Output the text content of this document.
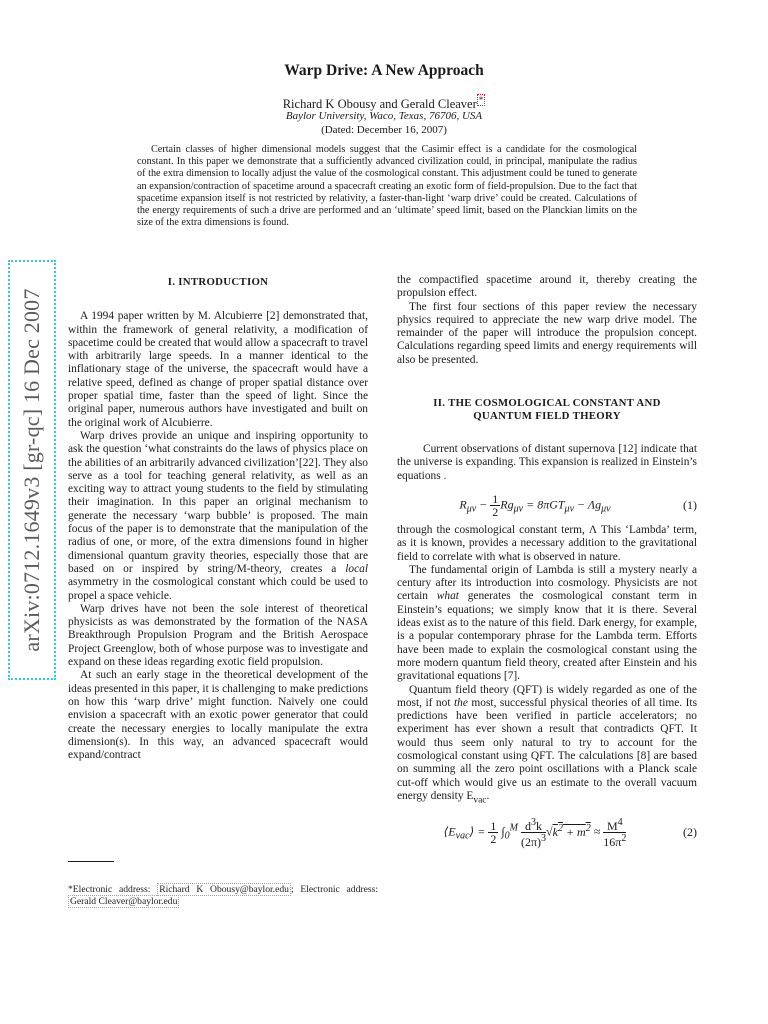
arXiv:0712.1649v3 [gr-qc] 16 Dec 2007
Warp Drive: A New Approach
Richard K Obousy and Gerald Cleaver *
Baylor University, Waco, Texas, 76706, USA
(Dated: December 16, 2007)
Certain classes of higher dimensional models suggest that the Casimir effect is a candidate for the cosmological constant. In this paper we demonstrate that a sufficiently advanced civilization could, in principal, manipulate the radius of the extra dimension to locally adjust the value of the cosmological constant. This adjustment could be tuned to generate an expansion/contraction of spacetime around a spacecraft creating an exotic form of field-propulsion. Due to the fact that spacetime expansion itself is not restricted by relativity, a faster-than-light ‘warp drive’ could be created. Calculations of the energy requirements of such a drive are performed and an ‘ultimate’ speed limit, based on the Planckian limits on the size of the extra dimensions is found.
I. INTRODUCTION

A 1994 paper written by M. Alcubierre [2] demonstrated that, within the framework of general relativity, a modification of spacetime could be created that would allow a spacecraft to travel with arbitrarily large speeds. In a manner identical to the inflationary stage of the universe, the spacecraft would have a relative speed, defined as change of proper spatial distance over proper spatial time, faster than the speed of light. Since the original paper, numerous authors have investigated and built on the original work of Alcubierre.

Warp drives provide an unique and inspiring opportunity to ask the question ‘what constraints do the laws of physics place on the abilities of an arbitrarily advanced civilization’[22]. They also serve as a tool for teaching general relativity, as well as an exciting way to attract young students to the field by stimulating their imagination. In this paper an original mechanism to generate the necessary ‘warp bubble’ is proposed. The main focus of the paper is to demonstrate that the manipulation of the radius of one, or more, of the extra dimensions found in higher dimensional quantum gravity theories, especially those that are based on or inspired by string/M-theory, creates a local asymmetry in the cosmological constant which could be used to propel a space vehicle.

Warp drives have not been the sole interest of theoretical physicists as was demonstrated by the formation of the NASA Breakthrough Propulsion Program and the British Aerospace Project Greenglow, both of whose purpose was to investigate and expand on these ideas regarding exotic field propulsion.

At such an early stage in the theoretical development of the ideas presented in this paper, it is challenging to make predictions on how this ‘warp drive’ might function. Naively one could envision a spacecraft with an exotic power generator that could create the necessary energies to locally manipulate the extra dimension(s). In this way, an advanced spacecraft would expand/contract

the compactified spacetime around it, thereby creating the propulsion effect.

The first four sections of this paper review the necessary physics required to appreciate the new warp drive model. The remainder of the paper will introduce the propulsion concept. Calculations regarding speed limits and energy requirements will also be presented.

II. THE COSMOLOGICAL CONSTANT AND
QUANTUM FIELD THEORY

Current observations of distant supernova [12] indicate that the universe is expanding. This expansion is realized in Einstein’s equations .

$R_{\mu\nu} - \frac{1}{2} Rg_{\mu\nu} = 8\pi GT_{\mu\nu} - \Lambda g_{\mu\nu}$	(1)

through the cosmological constant term, Λ This ‘Lambda’ term, as it is known, provides a necessary addition to the gravitational field to correlate with what is observed in nature.

The fundamental origin of Lambda is still a mystery nearly a century after its introduction into cosmology. Physicists are not certain what generates the cosmological constant term in Einstein’s equations; we simply know that it is there. Several ideas exist as to the nature of this field. Dark energy, for example, is a popular contemporary phrase for the Lambda term. Efforts have been made to explain the cosmological constant using the more modern quantum field theory, created after Einstein and his gravitational equations [7].

Quantum field theory (QFT) is widely regarded as one of the most, if not the most, successful physical theories of all time. Its predictions have been verified in particle accelerators; no experiment has ever shown a result that contradicts QFT. It would thus seem only natural to try to account for the cosmological constant using QFT. The calculations [8] are based on summing all the zero point oscillations with a Planck scale cut-off which would give us an estimate to the overall vacuum energy density $E_{vac}$.

$⟨E_{vac}⟩ = \frac{1}{2} \int_0^M \frac{d^3k}{(2\pi)^3} √k^2 + m^2 \approx \frac{M^4}{16\pi^2}$	(2)
*Electronic address: Richard K Obousy@baylor.edu ; Electronic address: Gerald Cleaver@baylor.edu
